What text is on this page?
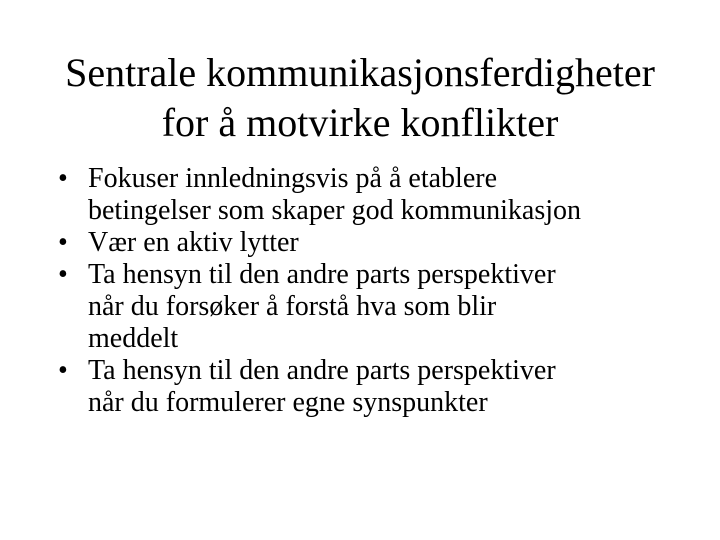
Sentrale kommunikasjonsferdigheter
for å motvirke konflikter
• Fokuser innledningsvis på å etablere
betingelser som skaper god kommunikasjon
• Vær en aktiv lytter
• Ta hensyn til den andre parts perspektiver
når du forsøker å forstå hva som blir
meddelt
• Ta hensyn til den andre parts perspektiver
når du formulerer egne synspunkter
